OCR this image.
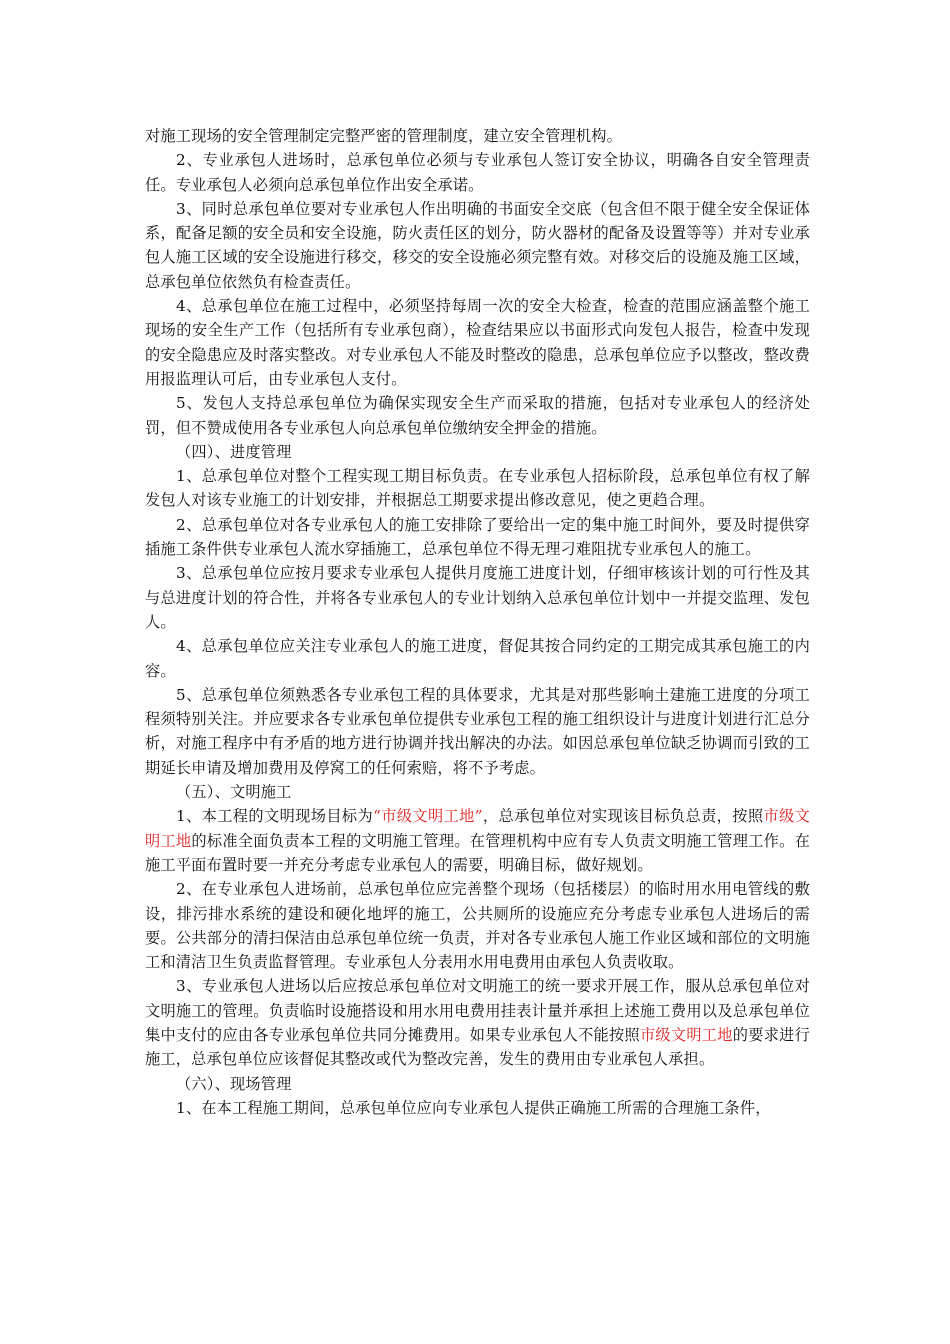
对施工现场的安全管理制定完整严密的管理制度，建立安全管理机构。

2、专业承包人进场时，总承包单位必须与专业承包人签订安全协议，明确各自安全管理责任。专业承包人必须向总承包单位作出安全承诺。

3、同时总承包单位要对专业承包人作出明确的书面安全交底（包含但不限于健全安全保证体系，配备足额的安全员和安全设施，防火责任区的划分，防火器材的配备及设置等等）并对专业承包人施工区域的安全设施进行移交，移交的安全设施必须完整有效。对移交后的设施及施工区域，总承包单位依然负有检查责任。

4、总承包单位在施工过程中，必须坚持每周一次的安全大检查，检查的范围应涵盖整个施工现场的安全生产工作（包括所有专业承包商），检查结果应以书面形式向发包人报告，检查中发现的安全隐患应及时落实整改。对专业承包人不能及时整改的隐患，总承包单位应予以整改，整改费用报监理认可后，由专业承包人支付。

5、发包人支持总承包单位为确保实现安全生产而采取的措施，包括对专业承包人的经济处罚，但不赞成使用各专业承包人向总承包单位缴纳安全押金的措施。

（四）、进度管理

1、总承包单位对整个工程实现工期目标负责。在专业承包人招标阶段，总承包单位有权了解发包人对该专业施工的计划安排，并根据总工期要求提出修改意见，使之更趋合理。

2、总承包单位对各专业承包人的施工安排除了要给出一定的集中施工时间外，要及时提供穿插施工条件供专业承包人流水穿插施工，总承包单位不得无理刁难阻扰专业承包人的施工。

3、总承包单位应按月要求专业承包人提供月度施工进度计划，仔细审核该计划的可行性及其与总进度计划的符合性，并将各专业承包人的专业计划纳入总承包单位计划中一并提交监理、发包人。

4、总承包单位应关注专业承包人的施工进度，督促其按合同约定的工期完成其承包施工的内容。

5、总承包单位须熟悉各专业承包工程的具体要求，尤其是对那些影响土建施工进度的分项工程须特别关注。并应要求各专业承包单位提供专业承包工程的施工组织设计与进度计划进行汇总分析，对施工程序中有矛盾的地方进行协调并找出解决的办法。如因总承包单位缺乏协调而引致的工期延长申请及增加费用及停窝工的任何索赔，将不予考虑。

（五）、文明施工

1、本工程的文明现场目标为“市级文明工地”，总承包单位对实现该目标负总责，按照市级文明工地的标准全面负责本工程的文明施工管理。在管理机构中应有专人负责文明施工管理工作。在施工平面布置时要一并充分考虑专业承包人的需要，明确目标，做好规划。

2、在专业承包人进场前，总承包单位应完善整个现场（包括楼层）的临时用水用电管线的敷设，排污排水系统的建设和硬化地坪的施工，公共厕所的设施应充分考虑专业承包人进场后的需要。公共部分的清扫保洁由总承包单位统一负责，并对各专业承包人施工作业区域和部位的文明施工和清洁卫生负责监督管理。专业承包人分表用水用电费用由承包人负责收取。

3、专业承包人进场以后应按总承包单位对文明施工的统一要求开展工作，服从总承包单位对文明施工的管理。负责临时设施搭设和用水用电费用挂表计量并承担上述施工费用以及总承包单位集中支付的应由各专业承包单位共同分摊费用。如果专业承包人不能按照市级文明工地的要求进行施工，总承包单位应该督促其整改或代为整改完善，发生的费用由专业承包人承担。

（六）、现场管理

1、在本工程施工期间，总承包单位应向专业承包人提供正确施工所需的合理施工条件，
